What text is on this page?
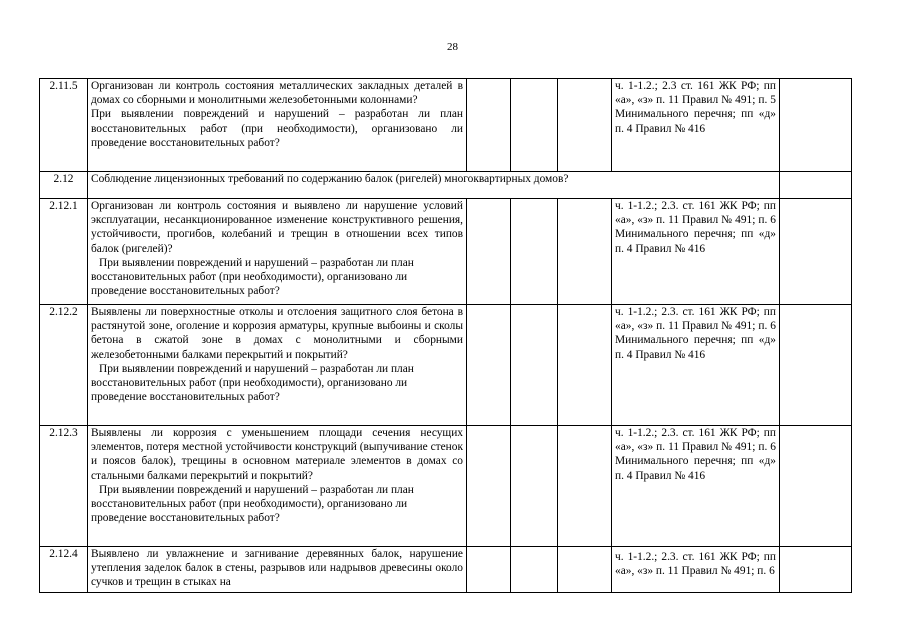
28
2.11.5	Организован ли контроль состояния металлических закладных деталей в домах со сборными и монолитными железобетонными колоннами?

При выявлении повреждений и нарушений – разработан ли план восстановительных работ (при необходимости), организовано ли проведение восстановительных работ?				ч. 1-1.2.; 2.3 ст. 161 ЖК РФ; пп «а», «з» п. 11 Правил № 491; п. 5 Минимального перечня; пп «д» п. 4 Правил № 416	
2.12	Соблюдение лицензионных требований по содержанию балок (ригелей) многоквартирных домов?					
2.12.1	Организован ли контроль состояния и выявлено ли нарушение условий эксплуатации, несанкционированное изменение конструктивного решения, устойчивости, прогибов, колебаний и трещин в отношении всех типов балок (ригелей)?

При выявлении повреждений и нарушений – разработан ли план восстановительных работ (при необходимости), организовано ли проведение восстановительных работ?				ч. 1-1.2.; 2.3. ст. 161 ЖК РФ; пп «а», «з» п. 11 Правил № 491; п. 6 Минимального перечня; пп «д» п. 4 Правил № 416	
2.12.2	Выявлены ли поверхностные отколы и отслоения защитного слоя бетона в растянутой зоне, оголение и коррозия арматуры, крупные выбоины и сколы бетона в сжатой зоне в домах с монолитными и сборными железобетонными балками перекрытий и покрытий?

При выявлении повреждений и нарушений – разработан ли план восстановительных работ (при необходимости), организовано ли проведение восстановительных работ?				ч. 1-1.2.; 2.3. ст. 161 ЖК РФ; пп «а», «з» п. 11 Правил № 491; п. 6 Минимального перечня; пп «д» п. 4 Правил № 416	
2.12.3	Выявлены ли коррозия с уменьшением площади сечения несущих элементов, потеря местной устойчивости конструкций (выпучивание стенок и поясов балок), трещины в основном материале элементов в домах со стальными балками перекрытий и покрытий?

При выявлении повреждений и нарушений – разработан ли план восстановительных работ (при необходимости), организовано ли проведение восстановительных работ?				ч. 1-1.2.; 2.3. ст. 161 ЖК РФ; пп «а», «з» п. 11 Правил № 491; п. 6 Минимального перечня; пп «д» п. 4 Правил № 416	
2.12.4	Выявлено ли увлажнение и загнивание деревянных балок, нарушение утепления заделок балок в стены, разрывов или надрывов древесины около сучков и трещин в стыках на				ч. 1-1.2.; 2.3. ст. 161 ЖК РФ; пп «а», «з» п. 11 Правил № 491; п. 6	
